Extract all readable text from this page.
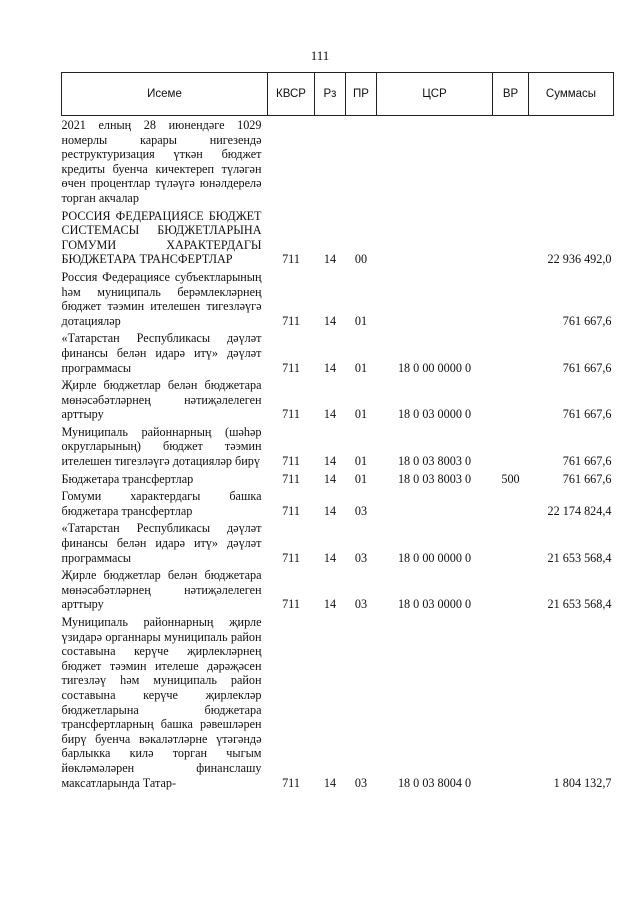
111
Исеме	КВСР	Рз	ПР	ЦСР	ВР	Суммасы
2021 елның 28 июнендәге 1029 номерлы карары нигезендә реструктуризация үткән бюджет кредиты буенча кичектереп түләгән өчен процентлар түләүгә юнәлдерелә торган акчалар						
РОССИЯ ФЕДЕРАЦИЯСЕ БЮДЖЕТ СИСТЕМАСЫ БЮДЖЕТЛАРЫНА ГОМУМИ ХАРАКТЕРДАГЫ БЮДЖЕТАРА ТРАНСФЕРТЛАР	711	14	00			22 936 492,0
Россия Федерациясе субъектларының һәм муниципаль берәмлекләрнең бюджет тәэмин ителешен тигезләүгә дотацияләр	711	14	01			761 667,6
«Татарстан Республикасы дәүләт финансы белән идарә итү» дәүләт программасы	711	14	01	18 0 00 0000 0		761 667,6
Җирле бюджетлар белән бюджетара мөнәсәбәтләрнең нәтиҗәлелеген арттыру	711	14	01	18 0 03 0000 0		761 667,6
Муниципаль районнарның (шәһәр округларының) бюджет тәэмин ителешен тигезләүгә дотацияләр бирү	711	14	01	18 0 03 8003 0		761 667,6
Бюджетара трансфертлар	711	14	01	18 0 03 8003 0	500	761 667,6
Гомуми характердагы башка бюджетара трансфертлар	711	14	03			22 174 824,4
«Татарстан Республикасы дәүләт финансы белән идарә итү» дәүләт программасы	711	14	03	18 0 00 0000 0		21 653 568,4
Җирле бюджетлар белән бюджетара мөнәсәбәтләрнең нәтиҗәлелеген арттыру	711	14	03	18 0 03 0000 0		21 653 568,4
Муниципаль районнарның җирле үзидарә органнары муниципаль район составына керүче җирлекләрнең бюджет тәэмин ителеше дәрәҗәсен тигезләү һәм муниципаль район составына керүче җирлекләр бюджетларына бюджетара трансфертларның башка рәвешләрен бирү буенча вәкаләтләрне үтәгәндә барлыкка килә торган чыгым йөкләмәләрен финанслашу максатларында Татар-	711	14	03	18 0 03 8004 0		1 804 132,7
